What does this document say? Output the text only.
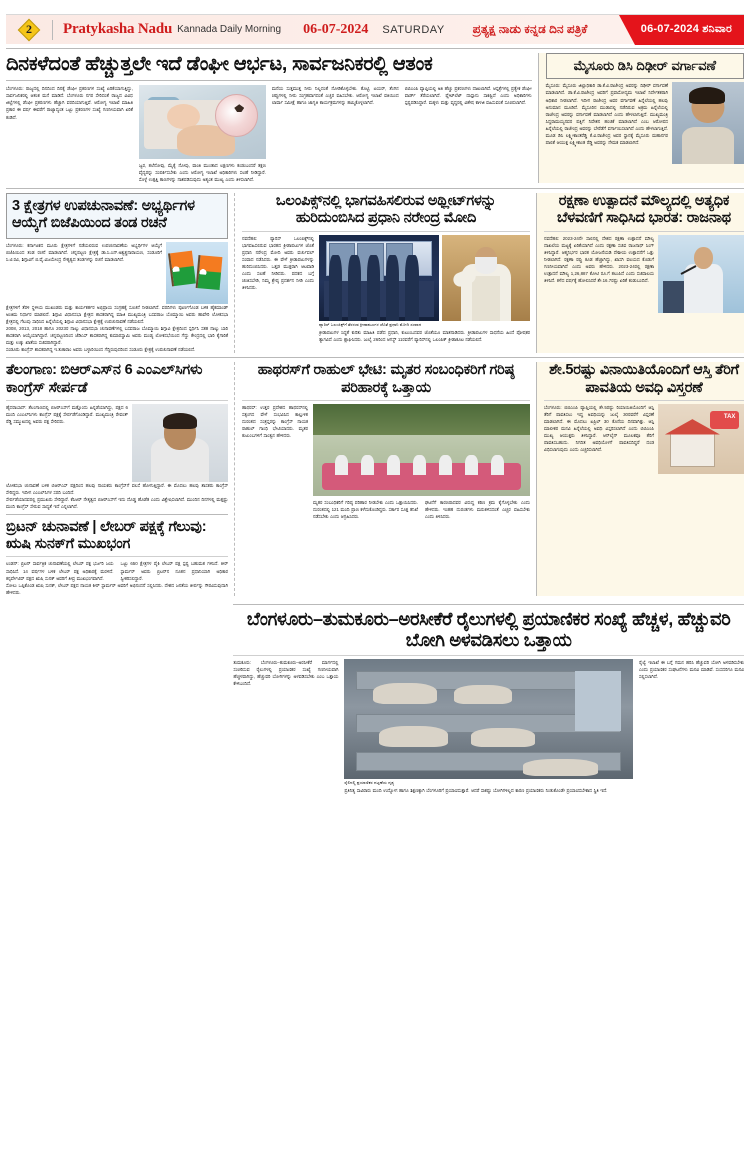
2 Pratykasha Nadu Kannada Daily Morning 06-07-2024 SATURDAY ಪ್ರತ್ಯಕ್ಷ ನಾಡು ಕನ್ನಡ ದಿನ ಪತ್ರಿಕೆ	06-07-2024 ಶನಿವಾರ
ದಿನಕಳೆದಂತೆ ಹೆಚ್ಚುತ್ತಲೇ ಇದೆ ಡೆಂಘೀ ಆರ್ಭಟ, ಸಾರ್ವಜನಿಕರಲ್ಲಿ ಆತಂಕ
ಬೆಂಗಳೂರು: ರಾಜ್ಯದಲ್ಲಿ ದಿನದಿಂದ ದಿನಕ್ಕೆ ಡೆಂಘೀ ಪ್ರಕರಣಗಳ ಸಂಖ್ಯೆ ಏರಿಕೆಯಾಗುತ್ತಿದ್ದು, ಸಾರ್ವಜನಿಕರಲ್ಲಿ ಆತಂಕ ಮನೆ ಮಾಡಿದೆ. ಬೆಂಗಳೂರು ನಗರ ಸೇರಿದಂತೆ ರಾಜ್ಯದ ವಿವಿಧ ಜಿಲ್ಲೆಗಳಲ್ಲಿ ಡೆಂಘೀ ಪ್ರಕರಣಗಳು ಹೆಚ್ಚಾಗಿ ವರದಿಯಾಗುತ್ತಿವೆ. ಆರೋಗ್ಯ ಇಲಾಖೆ ಮಾಹಿತಿ ಪ್ರಕಾರ ಈ ವರ್ಷ ಈವರೆಗೆ ರಾಜ್ಯಾದ್ಯಂತ ಒಟ್ಟು ಪ್ರಕರಣಗಳ ಸಂಖ್ಯೆ ಗಣನೀಯವಾಗಿ ಏರಿಕೆ ಕಂಡಿದೆ.
ಜ್ವರ, ತಲೆನೋವು, ಮೈಕೈ ನೋವು, ವಾಂತಿ ಮುಂತಾದ ಲಕ್ಷಣಗಳು ಕಂಡುಬಂದರೆ ತಕ್ಷಣ ವೈದ್ಯರನ್ನು ಸಂಪರ್ಕಿಸಬೇಕು ಎಂದು ಆರೋಗ್ಯ ಇಲಾಖೆ ಅಧಿಕಾರಿಗಳು ಸಲಹೆ ನೀಡಿದ್ದಾರೆ. ಸೊಳ್ಳೆ ಉತ್ಪತ್ತಿ ತಾಣಗಳನ್ನು ನಾಶಪಡಿಸುವುದು ಅತ್ಯಂತ ಮುಖ್ಯ ಎಂದು ತಿಳಿಸಲಾಗಿದೆ.
ಮನೆಯ ಸುತ್ತಮುತ್ತ ನೀರು ನಿಲ್ಲದಂತೆ ನೋಡಿಕೊಳ್ಳಬೇಕು. ತೊಟ್ಟಿ, ಟಯರ್, ತೆಂಗಿನ ಚಿಪ್ಪುಗಳಲ್ಲಿ ನೀರು ಸಂಗ್ರಹವಾಗದಂತೆ ಎಚ್ಚರ ವಹಿಸಬೇಕು. ಆರೋಗ್ಯ ಇಲಾಖೆ ವತಿಯಿಂದ ಲಾರ್ವಾ ಸಮೀಕ್ಷೆ ಹಾಗೂ ಜಾಗೃತಿ ಕಾರ್ಯಕ್ರಮಗಳನ್ನು ಹಮ್ಮಿಕೊಳ್ಳಲಾಗಿದೆ.
ಬಿಬಿಎಂಪಿ ವ್ಯಾಪ್ತಿಯಲ್ಲಿ ಅತಿ ಹೆಚ್ಚು ಪ್ರಕರಣಗಳು ದಾಖಲಾಗಿವೆ. ಆಸ್ಪತ್ರೆಗಳಲ್ಲಿ ಪ್ರತ್ಯೇಕ ಡೆಂಘೀ ವಾರ್ಡ್ ತೆರೆಯಲಾಗಿದೆ. ಪ್ಲೇಟ್‌ಲೆಟ್ ದಾಸ್ತಾನು ಸಾಕಷ್ಟಿದೆ ಎಂದು ಅಧಿಕಾರಿಗಳು ಸ್ಪಷ್ಟಪಡಿಸಿದ್ದಾರೆ. ಮಕ್ಕಳು ಮತ್ತು ವೃದ್ಧರಲ್ಲಿ ವಿಶೇಷ ಕಾಳಜಿ ವಹಿಸುವಂತೆ ಸೂಚಿಸಲಾಗಿದೆ.
ಮೈಸೂರು ಡಿಸಿ ದಿಢೀರ್ ವರ್ಗಾವಣೆ
ಮೈಸೂರು: ಮೈಸೂರು ಜಿಲ್ಲಾಧಿಕಾರಿ ಡಾ.ಕೆ.ವಿ.ರಾಜೇಂದ್ರ ಅವರನ್ನು ದಿಢೀರ್ ವರ್ಗಾವಣೆ ಮಾಡಲಾಗಿದೆ. ಡಾ.ಕೆ.ವಿ.ರಾಜೇಂದ್ರ ಅವರಿಗೆ ಪ್ರವಾಸೋದ್ಯಮ ಇಲಾಖೆ ನಿರ್ದೇಶಕರಾಗಿ ಅಧಿಕಾರ ನೀಡಲಾಗಿದೆ. ಇದೀಗ ರಾಜೇಂದ್ರ ಅವರ ವರ್ಗಾವಣೆ ಹಿನ್ನೆಲೆಯಲ್ಲಿ ಹಲವು ಅನುಮಾನ ಮೂಡಿದೆ. ಮೈಸೂರಿನ ಮುಡಾದಲ್ಲಿ ನಡೆದಿರುವ ಅಕ್ರಮ ಹಿನ್ನೆಲೆಯಲ್ಲಿ ರಾಜೇಂದ್ರ ಅವರನ್ನು ವರ್ಗಾವಣೆ ಮಾಡಲಾಗಿದೆ ಎಂದು ಹೇಳಲಾಗುತ್ತಿದೆ. ಮುಖ್ಯಮಂತ್ರಿ ಸಿದ್ದರಾಮಯ್ಯನವರ ಪತ್ನಿಗೆ ನಿವೇಶನ ಹಂಚಿಕೆ ಮಾಡಲಾಗಿದೆ ಎಂಬ ಆರೋಪದ ಹಿನ್ನೆಲೆಯಲ್ಲಿ ರಾಜೇಂದ್ರ ಅವರನ್ನು ಬೇರೆಡೆಗೆ ವರ್ಗಾಯಿಸಲಾಗಿದೆ ಎಂದು ಹೇಳಲಾಗುತ್ತಿದೆ. ಮೂಡ ಡಿಸಿ ಲಕ್ಷ್ಮೀಕಾಂತರೆಡ್ಡಿ ಕೆ.ವಿ.ರಾಜೇಂದ್ರ ಅವರ ಸ್ಥಾನಕ್ಕೆ ಮೈಸೂರು ಮಹಾನಗರ ಪಾಲಿಕೆ ಆಯುಕ್ತ ಲಕ್ಷ್ಮೀಕಾಂತ ರೆಡ್ಡಿ ಅವರನ್ನು ನೇಮಕ ಮಾಡಲಾಗಿದೆ.
3 ಕ್ಷೇತ್ರಗಳ ಉಪಚುನಾವಣೆ: ಅಭ್ಯರ್ಥಿಗಳ ಆಯ್ಕೆಗೆ ಬಿಜೆಪಿಯಿಂದ ತಂಡ ರಚನೆ
ಬೆಂಗಳೂರು: ಕರ್ನಾಟಕದ ಮೂರು ಕ್ಷೇತ್ರಗಳಿಗೆ ನಡೆಯಲಿರುವ ಉಪಚುನಾವಣೆಯ ಅಭ್ಯರ್ಥಿಗಳ ಆಯ್ಕೆಗೆ ಬಿಜೆಪಿಯಿಂದ ತಂಡ ರಚನೆ ಮಾಡಲಾಗಿದೆ. ಚನ್ನಪಟ್ಟಣ ಕ್ಷೇತ್ರಕ್ಕೆ ಡಾ.ಸಿ.ಎನ್.ಅಶ್ವತ್ಥನಾರಾಯಣ, ಸಂಡೂರಿಗೆ ಸಿ.ಟಿ.ರವಿ, ಶಿಗ್ಗಾವಿಗೆ ಬಿ.ವೈ.ವಿಜಯೇಂದ್ರ ನೇತೃತ್ವದ ತಂಡಗಳನ್ನು ರಚನೆ ಮಾಡಲಾಗಿದೆ.
ಕ್ಷೇತ್ರಗಳಿಗೆ ತೆರಳಿ ಸ್ಥಳೀಯ ಮುಖಂಡರು ಮತ್ತು ಕಾರ್ಯಕರ್ತರ ಅಭಿಪ್ರಾಯ ಸಂಗ್ರಹಕ್ಕೆ ಸೂಚನೆ ನೀಡಲಾಗಿದೆ. ವರದಿಗಳು ಪೂರ್ಣಗೊಂಡ ಬಳಿಕ ಹೈಕಮಾಂಡ್ ಅಂತಿಮ ನಿರ್ಧಾರ ಮಾಡಲಿದೆ. ಶಿಗ್ಗಾವಿ ವಿಧಾನಸಭಾ ಕ್ಷೇತ್ರದ ಶಾಸಕರಾಗಿದ್ದ ಮಾಜಿ ಮುಖ್ಯಮಂತ್ರಿ ಬಸವರಾಜ ಬೊಮ್ಮಾಯಿ ಅವರು ಹಾವೇರಿ ಲೋಕಸಭಾ ಕ್ಷೇತ್ರದಲ್ಲಿ ಗೆಲುವು ಸಾಧಿಸಿದ ಹಿನ್ನೆಲೆಯಲ್ಲಿ ಶಿಗ್ಗಾವಿ ವಿಧಾನಸಭಾ ಕ್ಷೇತ್ರಕ್ಕೆ ಉಪಚುನಾವಣೆ ನಡೆಯಲಿದೆ.
2008, 2013, 2018 ಹಾಗೂ 2023ರ ನಾಲ್ಕು ವಿಧಾನಸಭಾ ಚುನಾವಣೆಗಳಲ್ಲಿ ಬಸವರಾಜ ಬೊಮ್ಮಾಯಿ ಶಿಗ್ಗಾವಿ ಕ್ಷೇತ್ರದಿಂದ ಸ್ಪರ್ಧಿಸಿ ಸತತ ನಾಲ್ಕು ಬಾರಿ ಶಾಸಕರಾಗಿ ಆಯ್ಕೆಯಾಗಿದ್ದಾರೆ. ಚನ್ನಪಟ್ಟಣದಿಂದ ಜೆಡಿಎಸ್ ಶಾಸಕರಾಗಿದ್ದ ಕುಮಾರಸ್ವಾಮಿ ಅವರು ಮಂಡ್ಯ ಲೋಕಸಭೆಯಿಂದ ಗೆದ್ದು ಕೇಂದ್ರದಲ್ಲಿ ಭಾರಿ ಕೈಗಾರಿಕೆ ಮತ್ತು ಉಕ್ಕು ಖಾತೆಯ ಸಚಿವರಾಗಿದ್ದಾರೆ.
ಸಂಡೂರು ಕಾಂಗ್ರೆಸ್ ಶಾಸಕರಾಗಿದ್ದ ಇ.ತುಕಾರಾಂ ಅವರು ಬಳ್ಳಾರಿಯಿಂದ ಗೆದ್ದಿರುವುದರಿಂದ ಸಂಡೂರು ಕ್ಷೇತ್ರಕ್ಕೆ ಉಪಚುನಾವಣೆ ನಡೆಯಲಿದೆ.
ಒಲಂಪಿಕ್ಸ್‌ನಲ್ಲಿ ಭಾಗವಹಿಸಲಿರುವ ಅಥ್ಲೀಟ್‌ಗಳನ್ನು ಹುರಿದುಂಬಿಸಿದ ಪ್ರಧಾನಿ ನರೇಂದ್ರ ಮೋದಿ
ನವದೆಹಲಿ: ಪ್ಯಾರಿಸ್ ಒಲಂಪಿಕ್ಸ್‌ನಲ್ಲಿ ಭಾಗವಹಿಸಲಿರುವ ಭಾರತದ ಕ್ರೀಡಾಪಟುಗಳ ಜೊತೆ ಪ್ರಧಾನಿ ನರೇಂದ್ರ ಮೋದಿ ಅವರು ವರ್ಚುವಲ್ ಸಂವಾದ ನಡೆಸಿದರು. ಈ ವೇಳೆ ಕ್ರೀಡಾಪಟುಗಳನ್ನು ಹುರಿದುಂಬಿಸಿದರು. ಒತ್ತಡ ಮುಕ್ತರಾಗಿ ಆಟವಾಡಿ ಎಂದು ಸಲಹೆ ನೀಡಿದರು. ಪದಕದ ಬಗ್ಗೆ ಚಿಂತಿಸಬೇಡಿ, ನಿಮ್ಮ ಶ್ರೇಷ್ಠ ಪ್ರದರ್ಶನ ನೀಡಿ ಎಂದು ತಿಳಿಸಿದರು.
ಪ್ಯಾರಿಸ್ ಒಲಂಪಿಕ್ಸ್‌ಗೆ ತೆರಳುವ ಕ್ರೀಡಾಪಟುಗಳ ಜೊತೆ ಪ್ರಧಾನಿ ಮೋದಿ ಸಂವಾದ
ಕ್ರೀಡಾಪಟುಗಳ ಸಿದ್ಧತೆ ಕುರಿತು ಮಾಹಿತಿ ಪಡೆದ ಪ್ರಧಾನಿ, ಕುಟುಂಬದವರ ಜೊತೆಯೂ ಮಾತನಾಡಿದರು. ಕ್ರೀಡಾಪಟುಗಳ ಸಾಧನೆಯ ಹಿಂದೆ ಪೋಷಕರ ತ್ಯಾಗವಿದೆ ಎಂದು ಶ್ಲಾಘಿಸಿದರು. ಜುಲೈ 26ರಿಂದ ಆಗಸ್ಟ್ 11ರವರೆಗೆ ಪ್ಯಾರಿಸ್‌ನಲ್ಲಿ ಒಲಂಪಿಕ್ ಕ್ರೀಡಾಕೂಟ ನಡೆಯಲಿದೆ.
ರಕ್ಷಣಾ ಉತ್ಪಾದನೆ ಮೌಲ್ಯದಲ್ಲಿ ಅತ್ಯಧಿಕ ಬೆಳವಣಿಗೆ ಸಾಧಿಸಿದ ಭಾರತ: ರಾಜನಾಥ
ನವದೆಹಲಿ: 2023-24ನೇ ಸಾಲಿನಲ್ಲಿ ದೇಶದ ರಕ್ಷಣಾ ಉತ್ಪಾದನೆ ಮೌಲ್ಯ ದಾಖಲೆಯ ಮಟ್ಟಕ್ಕೆ ಏರಿಕೆಯಾಗಿದೆ ಎಂದು ರಕ್ಷಣಾ ಸಚಿವ ರಾಜನಾಥ್ ಸಿಂಗ್ ತಿಳಿಸಿದ್ದಾರೆ. ಆತ್ಮನಿರ್ಭರ ಭಾರತ ಯೋಜನೆಯಡಿ ದೇಶೀಯ ಉತ್ಪಾದನೆಗೆ ಒತ್ತು ನೀಡಲಾಗಿದೆ. ರಕ್ಷಣಾ ರಫ್ತು ಕೂಡ ಹೆಚ್ಚಾಗಿದ್ದು, ಖಾಸಗಿ ವಲಯದ ಕೊಡುಗೆ ಗಣನೀಯವಾಗಿದೆ ಎಂದು ಅವರು ಹೇಳಿದರು. 2023-24ರಲ್ಲಿ ರಕ್ಷಣಾ ಉತ್ಪಾದನೆ ಮೌಲ್ಯ 1,26,887 ಕೋಟಿ ರೂ.ಗೆ ತಲುಪಿದೆ ಎಂದು ಸಚಿವಾಲಯ ತಿಳಿಸಿದೆ. ಕಳೆದ ವರ್ಷಕ್ಕೆ ಹೋಲಿಸಿದರೆ ಶೇ.16.7ರಷ್ಟು ಏರಿಕೆ ಕಂಡುಬಂದಿದೆ.
ತೆಲಂಗಾಣ: ಬಿಆರ್‌ಎಸ್‌ನ 6 ಎಂಎಲ್‌ಸಿಗಳು ಕಾಂಗ್ರೆಸ್ ಸೇರ್ಪಡೆ
ಹೈದರಾಬಾದ್: ತೆಲಂಗಾಣದಲ್ಲಿ ಬಿಆರ್‌ಎಸ್‌ಗೆ ಮತ್ತೊಂದು ಹಿನ್ನಡೆಯಾಗಿದ್ದು, ಪಕ್ಷದ 6 ಮಂದಿ ಎಂಎಲ್‌ಸಿಗಳು ಕಾಂಗ್ರೆಸ್ ಪಕ್ಷಕ್ಕೆ ಸೇರ್ಪಡೆಗೊಂಡಿದ್ದಾರೆ. ಮುಖ್ಯಮಂತ್ರಿ ರೇವಂತ್ ರೆಡ್ಡಿ ಸಮ್ಮುಖದಲ್ಲಿ ಅವರು ಪಕ್ಷ ಸೇರಿದರು.
ಲೋಕಸಭಾ ಚುನಾವಣೆ ಬಳಿಕ ಬಿಆರ್‌ಎಸ್ ಪಕ್ಷದಿಂದ ಹಲವು ನಾಯಕರು ಕಾಂಗ್ರೆಸ್‌ಗೆ ವಲಸೆ ಹೋಗುತ್ತಿದ್ದಾರೆ. ಈ ಮೊದಲು ಹಲವು ಶಾಸಕರು ಕಾಂಗ್ರೆಸ್ ಸೇರಿದ್ದರು. ಇದೀಗ ಎಂಎಲ್‌ಸಿಗಳ ಸರದಿ ಬಂದಿದೆ.
ಸೇರ್ಪಡೆಯಾದವರಲ್ಲಿ ಪ್ರಮುಖರು ಸೇರಿದ್ದಾರೆ. ಕೆಸಿಆರ್ ನೇತೃತ್ವದ ಬಿಆರ್‌ಎಸ್‌ಗೆ ಇದು ದೊಡ್ಡ ಹೊಡೆತ ಎಂದು ವಿಶ್ಲೇಷಿಸಲಾಗಿದೆ. ಮುಂದಿನ ದಿನಗಳಲ್ಲಿ ಮತ್ತಷ್ಟು ಮಂದಿ ಕಾಂಗ್ರೆಸ್ ಸೇರುವ ಸಾಧ್ಯತೆ ಇದೆ ಎನ್ನಲಾಗಿದೆ.
ಬ್ರಿಟನ್ ಚುನಾವಣೆ | ಲೇಬರ್ ಪಕ್ಷಕ್ಕೆ ಗೆಲುವು: ಋಷಿ ಸುನಕ್‌ಗೆ ಮುಖಭಂಗ
ಲಂಡನ್: ಬ್ರಿಟನ್ ಸಾರ್ವತ್ರಿಕ ಚುನಾವಣೆಯಲ್ಲಿ ಲೇಬರ್ ಪಕ್ಷ ಭರ್ಜರಿ ಜಯ ಸಾಧಿಸಿದೆ. 14 ವರ್ಷಗಳ ಬಳಿಕ ಲೇಬರ್ ಪಕ್ಷ ಅಧಿಕಾರಕ್ಕೆ ಮರಳಿದೆ. ಕನ್ಸರ್ವೇಟಿವ್ ಪಕ್ಷದ ಋಷಿ ಸುನಕ್ ಅವರಿಗೆ ತೀವ್ರ ಮುಖಭಂಗವಾಗಿದೆ.
ಒಟ್ಟು 650 ಕ್ಷೇತ್ರಗಳ ಪೈಕಿ ಲೇಬರ್ ಪಕ್ಷ ಸ್ಪಷ್ಟ ಬಹುಮತ ಗಳಿಸಿದೆ. ಕೀರ್ ಸ್ಟಾರ್ಮರ್ ಅವರು ಬ್ರಿಟನ್‌ನ ನೂತನ ಪ್ರಧಾನಿಯಾಗಿ ಅಧಿಕಾರ ಸ್ವೀಕರಿಸಲಿದ್ದಾರೆ.
ಸೋಲು ಒಪ್ಪಿಕೊಂಡ ಋಷಿ ಸುನಕ್, ಲೇಬರ್ ಪಕ್ಷದ ನಾಯಕ ಕೀರ್ ಸ್ಟಾರ್ಮರ್ ಅವರಿಗೆ ಅಭಿನಂದನೆ ಸಲ್ಲಿಸಿದರು. ದೇಶದ ಜನತೆಯ ತೀರ್ಪನ್ನು ಗೌರವಿಸುವುದಾಗಿ ಹೇಳಿದರು.
ಹಾಥರಸ್‌ಗೆ ರಾಹುಲ್ ಭೇಟಿ: ಮೃತರ ಸಂಬಂಧಿಕರಿಗೆ ಗರಿಷ್ಠ ಪರಿಹಾರಕ್ಕೆ ಒತ್ತಾಯ
ಹಾಥರಸ್: ಉತ್ತರ ಪ್ರದೇಶದ ಹಾಥರಸ್‌ನಲ್ಲಿ ಸತ್ಸಂಗದ ವೇಳೆ ಸಂಭವಿಸಿದ ಕಾಲ್ತುಳಿತ ದುರಂತದ ಸಂತ್ರಸ್ತರನ್ನು ಕಾಂಗ್ರೆಸ್ ನಾಯಕ ರಾಹುಲ್ ಗಾಂಧಿ ಭೇಟಿಯಾದರು. ಮೃತರ ಕುಟುಂಬಗಳಿಗೆ ಸಾಂತ್ವನ ಹೇಳಿದರು.
ಮೃತರ ಸಂಬಂಧಿಕರಿಗೆ ಗರಿಷ್ಠ ಪರಿಹಾರ ನೀಡಬೇಕು ಎಂದು ಒತ್ತಾಯಿಸಿದರು. ದುರಂತದಲ್ಲಿ 121 ಮಂದಿ ಪ್ರಾಣ ಕಳೆದುಕೊಂಡಿದ್ದರು. ಸರ್ಕಾರ ಸೂಕ್ತ ತನಿಖೆ ನಡೆಸಬೇಕು ಎಂದು ಆಗ್ರಹಿಸಿದರು.
ಘಟನೆಗೆ ಕಾರಣರಾದವರ ವಿರುದ್ಧ ಕಠಿಣ ಕ್ರಮ ಕೈಗೊಳ್ಳಬೇಕು ಎಂದು ಹೇಳಿದರು. ಇಂತಹ ದುರಂತಗಳು ಮರುಕಳಿಸದಂತೆ ಎಚ್ಚರ ವಹಿಸಬೇಕು ಎಂದು ತಿಳಿಸಿದರು.
ಶೇ.5ರಷ್ಟು ವಿನಾಯಿತಿಯೊಂದಿಗೆ ಆಸ್ತಿ ತೆರಿಗೆ ಪಾವತಿಯ ಅವಧಿ ವಿಸ್ತರಣೆ
ಬೆಂಗಳೂರು: ಬಿಬಿಎಂಪಿ ವ್ಯಾಪ್ತಿಯಲ್ಲಿ ಶೇ.5ರಷ್ಟು ರಿಯಾಯಿತಿಯೊಂದಿಗೆ ಆಸ್ತಿ ತೆರಿಗೆ ಪಾವತಿಸಲು ಇದ್ದ ಅವಧಿಯನ್ನು ಜುಲೈ 30ರವರೆಗೆ ವಿಸ್ತರಣೆ ಮಾಡಲಾಗಿದೆ. ಈ ಮೊದಲು ಏಪ್ರಿಲ್ 30 ಕೊನೆಯ ದಿನವಾಗಿತ್ತು. ಆಸ್ತಿ ಮಾಲೀಕರ ಮನವಿ ಹಿನ್ನೆಲೆಯಲ್ಲಿ ಅವಧಿ ವಿಸ್ತರಿಸಲಾಗಿದೆ ಎಂದು ಬಿಬಿಎಂಪಿ ಮುಖ್ಯ ಆಯುಕ್ತರು ತಿಳಿಸಿದ್ದಾರೆ. ಆನ್‌ಲೈನ್ ಮೂಲಕವೂ ತೆರಿಗೆ ಪಾವತಿಸಬಹುದು. ನಿಗದಿತ ಅವಧಿಯೊಳಗೆ ಪಾವತಿಸದಿದ್ದರೆ ದಂಡ ವಿಧಿಸಲಾಗುವುದು ಎಂದು ಎಚ್ಚರಿಸಲಾಗಿದೆ.
TAX
ಬೆಂಗಳೂರು–ತುಮಕೂರು–ಅರಸೀಕೆರೆ ರೈಲುಗಳಲ್ಲಿ ಪ್ರಯಾಣಿಕರ ಸಂಖ್ಯೆ ಹೆಚ್ಚಳ, ಹೆಚ್ಚುವರಿ ಬೋಗಿ ಅಳವಡಿಸಲು ಒತ್ತಾಯ
ತುಮಕೂರು: ಬೆಂಗಳೂರು–ತುಮಕೂರು–ಅರಸೀಕೆರೆ ಮಾರ್ಗದಲ್ಲಿ ಸಂಚರಿಸುವ ರೈಲುಗಳಲ್ಲಿ ಪ್ರಯಾಣಿಕರ ಸಂಖ್ಯೆ ಗಣನೀಯವಾಗಿ ಹೆಚ್ಚಳವಾಗಿದ್ದು, ಹೆಚ್ಚುವರಿ ಬೋಗಿಗಳನ್ನು ಅಳವಡಿಸಬೇಕು ಎಂಬ ಒತ್ತಾಯ ಕೇಳಿಬಂದಿದೆ.
ರೈಲಿನಲ್ಲಿ ಪ್ರಯಾಣಿಕರ ದಟ್ಟಣೆಯ ದೃಶ್ಯ
ಪ್ರತಿನಿತ್ಯ ಸಾವಿರಾರು ಮಂದಿ ಉದ್ಯೋಗ ಹಾಗೂ ಶಿಕ್ಷಣಕ್ಕಾಗಿ ಬೆಂಗಳೂರಿಗೆ ಪ್ರಯಾಣಿಸುತ್ತಾರೆ. ಆದರೆ ಸಾಕಷ್ಟು ಬೋಗಿಗಳಿಲ್ಲದ ಕಾರಣ ಪ್ರಯಾಣಿಕರು ನಿಂತುಕೊಂಡೇ ಪ್ರಯಾಣಿಸಬೇಕಾದ ಸ್ಥಿತಿ ಇದೆ.
ರೈಲ್ವೆ ಇಲಾಖೆ ಈ ಬಗ್ಗೆ ಗಮನ ಹರಿಸಿ ಹೆಚ್ಚುವರಿ ಬೋಗಿ ಅಳವಡಿಸಬೇಕು ಎಂದು ಪ್ರಯಾಣಿಕರ ಸಂಘಟನೆಗಳು ಮನವಿ ಮಾಡಿವೆ. ಸಂಸದರಿಗೂ ಮನವಿ ಸಲ್ಲಿಸಲಾಗಿದೆ.
